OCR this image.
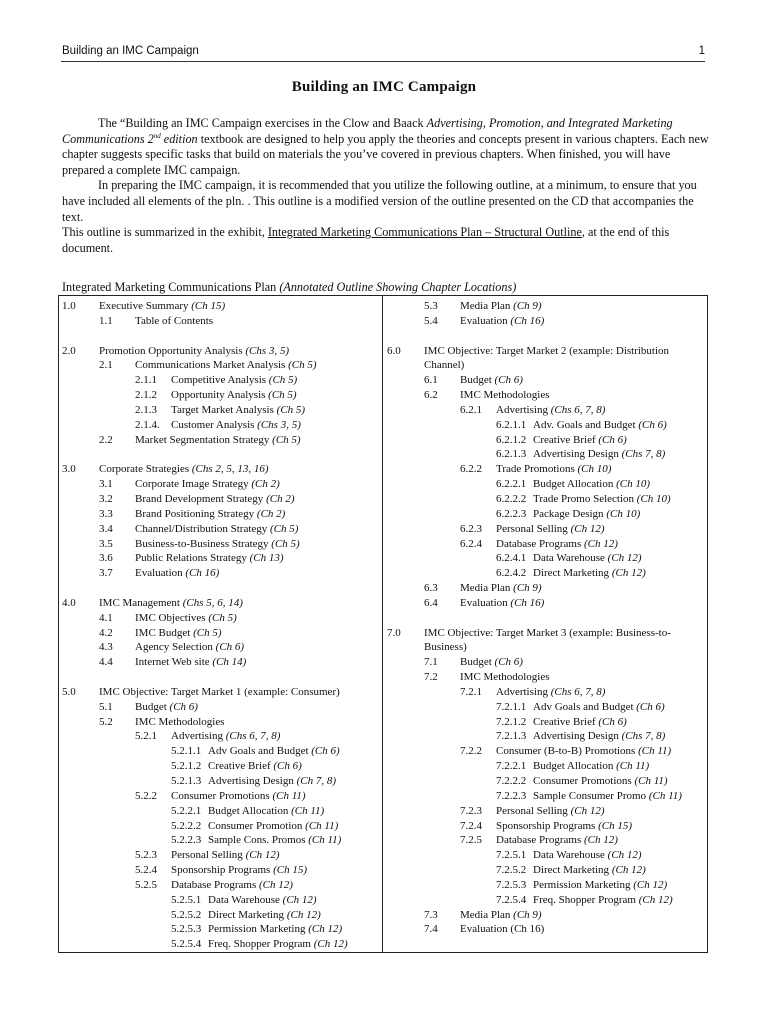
Building an IMC Campaign	1
Building an IMC Campaign

The “Building an IMC Campaign exercises in the Clow and Baack Advertising, Promotion, and Integrated Marketing Communications 2nd edition textbook are designed to help you apply the theories and concepts present in various chapters. Each new chapter suggests specific tasks that build on materials the you’ve covered in previous chapters. When finished, you will have prepared a complete IMC campaign.

In preparing the IMC campaign, it is recommended that you utilize the following outline, at a minimum, to ensure that you have included all elements of the pln. . This outline is a modified version of the outline presented on the CD that accompanies the text.

This outline is summarized in the exhibit, Integrated Marketing Communications Plan – Structural Outline, at the end of this document.

Integrated Marketing Communications Plan (Annotated Outline Showing Chapter Locations)
1.0 Executive Summary (Ch 15)
1.1 Table of Contents
2.0 Promotion Opportunity Analysis (Chs 3, 5)
2.1 Communications Market Analysis (Ch 5)
2.1.1 Competitive Analysis (Ch 5)
2.1.2 Opportunity Analysis (Ch 5)
2.1.3 Target Market Analysis (Ch 5)
2.1.4. Customer Analysis (Chs 3, 5)
2.2 Market Segmentation Strategy (Ch 5)
3.0 Corporate Strategies (Chs 2, 5, 13, 16)
3.1 Corporate Image Strategy (Ch 2)
3.2 Brand Development Strategy (Ch 2)
3.3 Brand Positioning Strategy (Ch 2)
3.4 Channel/Distribution Strategy (Ch 5)
3.5 Business-to-Business Strategy (Ch 5)
3.6 Public Relations Strategy (Ch 13)
3.7 Evaluation (Ch 16)
4.0 IMC Management (Chs 5, 6, 14)
4.1 IMC Objectives (Ch 5)
4.2 IMC Budget (Ch 5)
4.3 Agency Selection (Ch 6)
4.4 Internet Web site (Ch 14)
5.0 IMC Objective: Target Market 1 (example: Consumer)
5.1 Budget (Ch 6)
5.2 IMC Methodologies
5.2.1 Advertising (Chs 6, 7, 8)
5.2.1.1 Adv Goals and Budget (Ch 6)
5.2.1.2 Creative Brief (Ch 6)
5.2.1.3 Advertising Design (Ch 7, 8)
5.2.2 Consumer Promotions (Ch 11)
5.2.2.1 Budget Allocation (Ch 11)
5.2.2.2 Consumer Promotion (Ch 11)
5.2.2.3 Sample Cons. Promos (Ch 11)
5.2.3 Personal Selling (Ch 12)
5.2.4 Sponsorship Programs (Ch 15)
5.2.5 Database Programs (Ch 12)
5.2.5.1 Data Warehouse (Ch 12)
5.2.5.2 Direct Marketing (Ch 12)
5.2.5.3 Permission Marketing (Ch 12)
5.2.5.4 Freq. Shopper Program (Ch 12)
5.3 Media Plan (Ch 9)
5.4 Evaluation (Ch 16)
6.0 IMC Objective: Target Market 2 (example: Distribution Channel)
6.1 Budget (Ch 6)
6.2 IMC Methodologies
6.2.1 Advertising (Chs 6, 7, 8)
6.2.1.1 Adv. Goals and Budget (Ch 6)
6.2.1.2 Creative Brief (Ch 6)
6.2.1.3 Advertising Design (Chs 7, 8)
6.2.2 Trade Promotions (Ch 10)
6.2.2.1 Budget Allocation (Ch 10)
6.2.2.2 Trade Promo Selection (Ch 10)
6.2.2.3 Package Design (Ch 10)
6.2.3 Personal Selling (Ch 12)
6.2.4 Database Programs (Ch 12)
6.2.4.1 Data Warehouse (Ch 12)
6.2.4.2 Direct Marketing (Ch 12)
6.3 Media Plan (Ch 9)
6.4 Evaluation (Ch 16)
7.0 IMC Objective: Target Market 3 (example: Business-to-Business)
7.1 Budget (Ch 6)
7.2 IMC Methodologies
7.2.1 Advertising (Chs 6, 7, 8)
7.2.1.1 Adv Goals and Budget (Ch 6)
7.2.1.2 Creative Brief (Ch 6)
7.2.1.3 Advertising Design (Chs 7, 8)
7.2.2 Consumer (B-to-B) Promotions (Ch 11)
7.2.2.1 Budget Allocation (Ch 11)
7.2.2.2 Consumer Promotions (Ch 11)
7.2.2.3 Sample Consumer Promo (Ch 11)
7.2.3 Personal Selling (Ch 12)
7.2.4 Sponsorship Programs (Ch 15)
7.2.5 Database Programs (Ch 12)
7.2.5.1 Data Warehouse (Ch 12)
7.2.5.2 Direct Marketing (Ch 12)
7.2.5.3 Permission Marketing (Ch 12)
7.2.5.4 Freq. Shopper Program (Ch 12)
7.3 Media Plan (Ch 9)
7.4 Evaluation (Ch 16)
